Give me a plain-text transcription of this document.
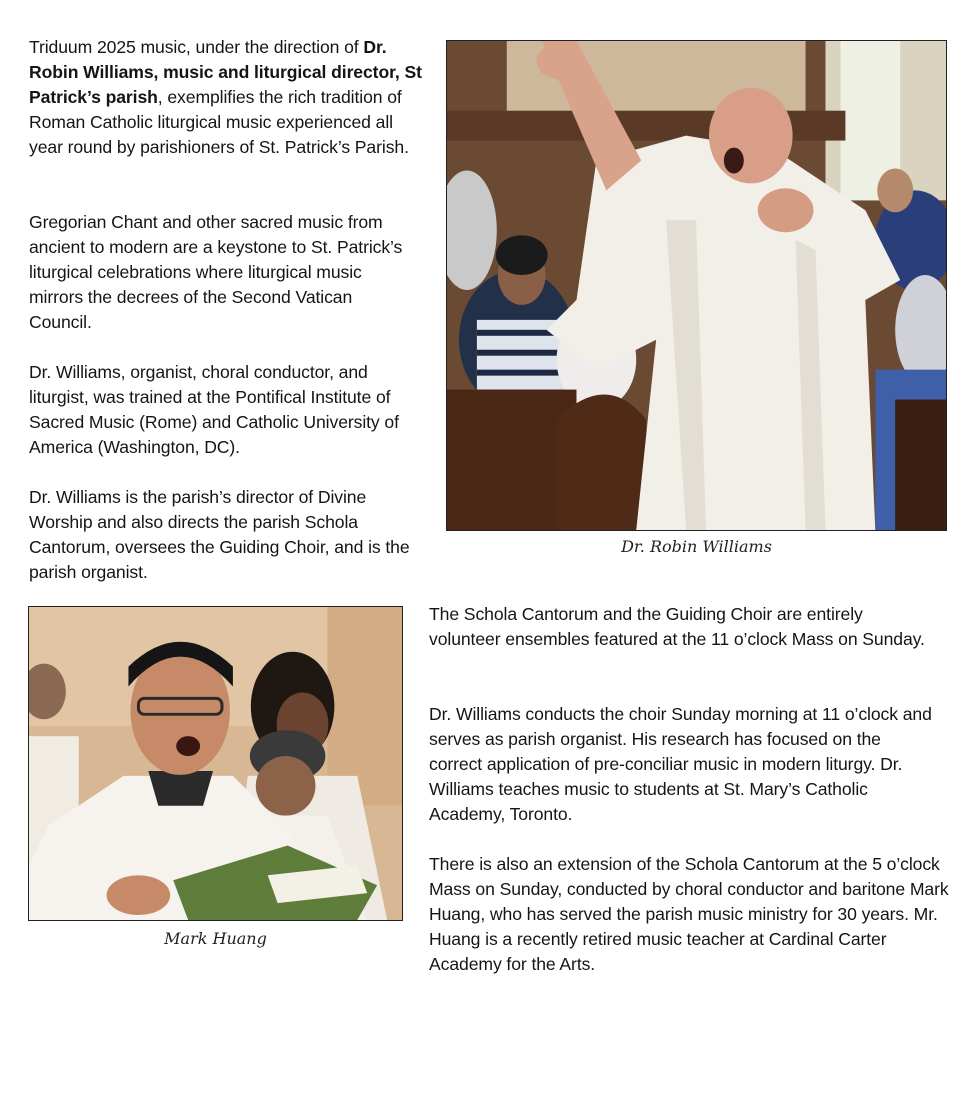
Triduum 2025 music, under the direction of Dr. Robin Williams, music and liturgical director, St Patrick’s parish, exemplifies the rich tradition of Roman Catholic liturgical music experienced all year round by parishioners of St. Patrick’s Parish.

Gregorian Chant and other sacred music from ancient to modern are a keystone to St. Patrick’s liturgical celebrations where liturgical music mirrors the decrees of the Second Vatican Council.

Dr. Williams, organist, choral conductor, and liturgist, was trained at the Pontifical Institute of Sacred Music (Rome) and Catholic University of America (Washington, DC).

Dr. Williams is the parish’s director of Divine Worship and also directs the parish Schola Cantorum, oversees the Guiding Choir, and is the parish organist.

Dr. Robin Williams
Mark Huang

The Schola Cantorum and the Guiding Choir are entirely volunteer ensembles featured at the 11 o’clock Mass on Sunday.

Dr. Williams conducts the choir Sunday morning at 11 o’clock and serves as parish organist. His research has focused on the correct application of pre-conciliar music in modern liturgy. Dr. Williams teaches music to students at St. Mary’s Catholic Academy, Toronto.

There is also an extension of the Schola Cantorum at the 5 o’clock Mass on Sunday, conducted by choral conductor and baritone Mark Huang, who has served the parish music ministry for 30 years. Mr. Huang is a recently retired music teacher at Cardinal Carter Academy for the Arts.
